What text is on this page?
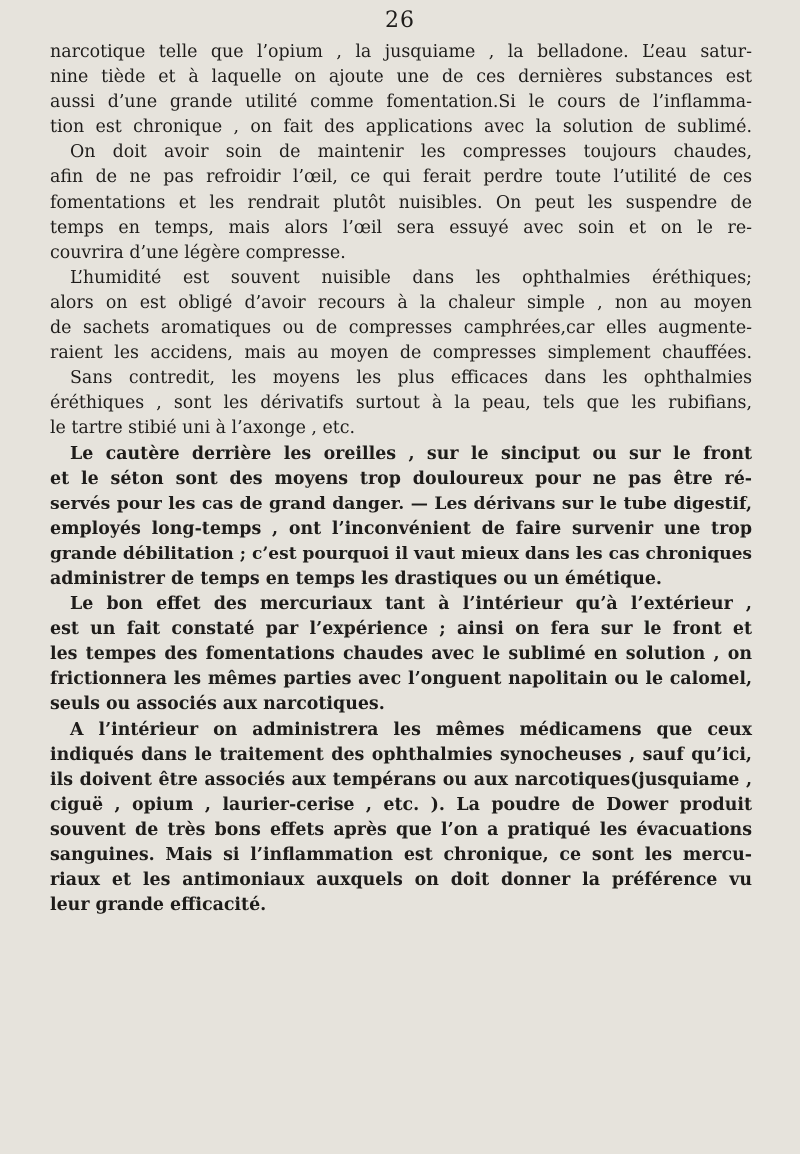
26
narcotique telle que l’opium , la jusquiame , la belladone. L’eau satur-
nine tiède et à laquelle on ajoute une de ces dernières substances est
aussi d’une grande utilité comme fomentation.Si le cours de l’inflamma-
tion est chronique , on fait des applications avec la solution de sublimé.
On doit avoir soin de maintenir les compresses toujours chaudes,
afin de ne pas refroidir l’œil, ce qui ferait perdre toute l’utilité de ces
fomentations et les rendrait plutôt nuisibles. On peut les suspendre de
temps en temps, mais alors l’œil sera essuyé avec soin et on le re-
couvrira d’une légère compresse.
L’humidité est souvent nuisible dans les ophthalmies éréthiques;
alors on est obligé d’avoir recours à la chaleur simple , non au moyen
de sachets aromatiques ou de compresses camphrées,car elles augmente-
raient les accidens, mais au moyen de compresses simplement chauffées.
Sans contredit, les moyens les plus efficaces dans les ophthalmies
éréthiques , sont les dérivatifs surtout à la peau, tels que les rubifians,
le tartre stibié uni à l’axonge , etc.
Le cautère derrière les oreilles , sur le sinciput ou sur le front
et le séton sont des moyens trop douloureux pour ne pas être ré-
servés pour les cas de grand danger. — Les dérivans sur le tube digestif,
employés long-temps , ont l’inconvénient de faire survenir une trop
grande débilitation ; c’est pourquoi il vaut mieux dans les cas chroniques
administrer de temps en temps les drastiques ou un émétique.
Le bon effet des mercuriaux tant à l’intérieur qu’à l’extérieur ,
est un fait constaté par l’expérience ; ainsi on fera sur le front et
les tempes des fomentations chaudes avec le sublimé en solution , on
frictionnera les mêmes parties avec l’onguent napolitain ou le calomel,
seuls ou associés aux narcotiques.
A l’intérieur on administrera les mêmes médicamens que ceux
indiqués dans le traitement des ophthalmies synocheuses , sauf qu’ici,
ils doivent être associés aux tempérans ou aux narcotiques(jusquiame ,
ciguë , opium , laurier-cerise , etc. ). La poudre de Dower produit
souvent de très bons effets après que l’on a pratiqué les évacuations
sanguines. Mais si l’inflammation est chronique, ce sont les mercu-
riaux et les antimoniaux auxquels on doit donner la préférence vu
leur grande efficacité.
